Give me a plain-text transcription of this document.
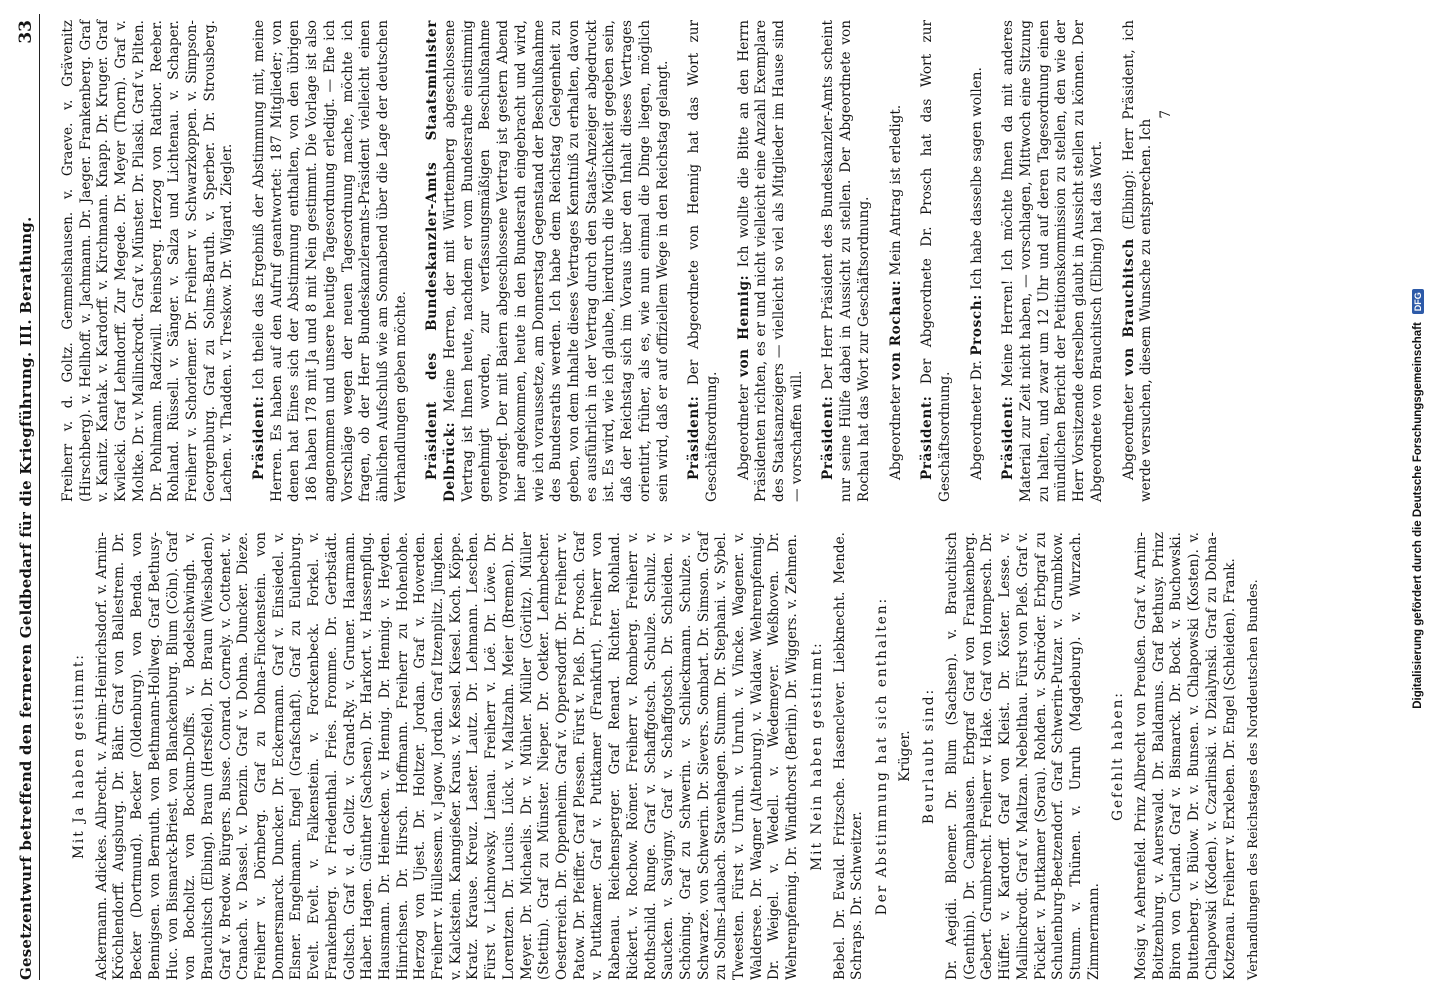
Gesetzentwurf betreffend den ferneren Geldbedarf für die Kriegführung. III. Berathung.
33

Mit Ja haben gestimmt: Ackermann. Adickes. Albrecht. v. Arnim-Heinrichsdorf. v. Arnim-Kröchlendorff. Augsburg. Dr. Bähr. Graf von Ballestrem. Dr. Becker (Dortmund). Becker (Oldenburg). von Benda. von Bennigsen. von Bernuth. von Bethmann-Hollweg. Graf Bethusy-Huc. von Bismarck-Briest. von Blanckenburg. Blum (Cöln). Graf von Bocholtz. von Bockum-Dolffs. v. Bodelschwingh. v. Brauchitsch (Elbing). Braun (Hersfeld). Dr. Braun (Wiesbaden). Graf v. Bredow. Bürgers. Busse. Conrad. Cornely. v. Cottenet. v. Cranach. v. Dassel. v. Denzin. Graf v. Dohna. Duncker. Dieze. Freiherr v. Dörnberg. Graf zu Dohna-Finckenstein. von Donnersmarck. Duncker. Dr. Eckermann. Graf v. Einsiedel. v. Elsner. Engelmann. Engel (Grafschaft). Graf zu Eulenburg. Evelt. Evelt. v. Falkenstein. v. Forckenbeck. Forkel. v. Frankenberg. v. Friedenthal. Fries. Fromme. Dr. Gerbstädt. Goltsch. Graf v. d. Goltz. v. Grand-Ry. v. Gruner. Haarmann. Haber. Hagen. Günther (Sachsen). Dr. Harkort. v. Hassenpflug. Hausmann. Dr. Heinecken. v. Hennig. Dr. Hennig. v. Heyden. Hinrichsen. Dr. Hirsch. Hoffmann. Freiherr zu Hohenlohe. Herzog von Ujest. Dr. Holtzer. Jordan. Graf v. Hoverden. Freiherr v. Hüllessem. v. Jagow. Jordan. Graf Itzenplitz. Jüngken. v. Kalckstein. Kanngießer. Kraus. v. Kessel. Kiesel. Koch. Köppe. Kratz. Krause. Kreuz. Laster. Lautz. Dr. Lehmann. Leschen. Fürst v. Lichnowsky. Lienau. Freiherr v. Loë. Dr. Löwe. Dr. Lorentzen. Dr. Lucius. Lück. v. Maltzahn. Meier (Bremen). Dr. Meyer. Dr. Michaelis. Dr. v. Mühler. Müller (Görlitz). Müller (Stettin). Graf zu Münster. Nieper. Dr. Oetker. Lehmbecher. Oesterreich. Dr. Oppenheim. Graf v. Oppersdorff. Dr. Freiherr v. Patow. Dr. Pfeiffer. Graf Plessen. Fürst v. Pleß. Dr. Prosch. Graf v. Puttkamer. Graf v. Puttkamer (Frankfurt). Freiherr von Rabenau. Reichensperger. Graf Renard. Richter. Rohland. Rickert. v. Rochow. Römer. Freiherr v. Romberg. Freiherr v. Rothschild. Runge. Graf v. Schaffgotsch. Schulze. Schulz. v. Saucken. v. Savigny. Graf v. Schaffgotsch. Dr. Schleiden. v. Schöning. Graf zu Schwerin. v. Schlieckmann. Schulze. v. Schwarze. von Schwerin. Dr. Sievers. Sombart. Dr. Simson. Graf zu Solms-Laubach. Stavenhagen. Stumm. Dr. Stephani. v. Sybel. Tweesten. Fürst v. Unruh. v. Unruh. v. Vincke. Wagener. v. Waldersee. Dr. Wagner (Altenburg). v. Waldaw. Wehrenpfennig. Dr. Weigel. v. Wedell. v. Wedemeyer. Weßhoven. Dr. Wehrenpfennig. Dr. Windthorst (Berlin). Dr. Wiggers. v. Zehmen. Mit Nein haben gestimmt: Bebel. Dr. Ewald. Fritzsche. Hasenclever. Liebknecht. Mende. Schraps. Dr. Schweitzer. Der Abstimmung hat sich enthalten: Krüger. Beurlaubt sind: Dr. Aegidi. Bloemer. Dr. Blum (Sachsen). v. Brauchitsch (Genthin). Dr. Camphausen. Erbgraf Graf von Frankenberg. Gebert. Grumbrecht. Freiherr v. Hake. Graf von Hompesch. Dr. Hüffer. v. Kardorff. Graf von Kleist. Dr. Köster. Lesse. v. Mallinckrodt. Graf v. Maltzan. Nebelthau. Fürst von Pleß. Graf v. Pückler. v. Puttkamer (Sorau). Rohden. v. Schröder. Erbgraf zu Schulenburg-Beetzendorf. Graf Schwerin-Putzar. v. Grumbkow. Stumm. v. Thünen. v. Unruh (Magdeburg). v. Wurzach. Zimmermann.

Gefehlt haben: Mosig v. Aehrenfeld. Prinz Albrecht von Preußen. Graf v. Arnim-Boitzenburg. v. Auerswald. Dr. Baldamus. Graf Bethusy. Prinz Biron von Curland. Graf v. Bismarck. Dr. Bock. v. Buchowski. Buttenberg. v. Bülow. Dr. v. Bunsen. v. Chlapowski (Kosten). v. Chlapowski (Koden). v. Czarlinski. v. Dzialynski. Graf zu Dohna-Kotzenau. Freiherr v. Erxleben. Dr. Engel (Schleiden). Frank. Verhandlungen des Reichstages des Norddeutschen Bundes.

Freiherr v. d. Goltz. Gemmelshausen. v. Graeve. v. Grävenitz (Hirschberg). v. Hellhoff. v. Jachmann. Dr. Jaeger. Frankenberg. Graf v. Kanitz. Kantak. v. Kardorff. v. Kirchmann. Knapp. Dr. Kruger. Graf Kwilecki. Graf Lehndorff. Zur Megede. Dr. Meyer (Thorn). Graf v. Moltke. Dr. v. Mallinckrodt. Graf v. Münster. Dr. Pilaski. Graf v. Pilten. Dr. Pohlmann. Radziwill. Reinsberg. Herzog von Ratibor. Reeber. Rohland. Rüssell. v. Sänger. v. Salza und Lichtenau. v. Schaper. Freiherr v. Schorlemer. Dr. Freiherr v. Schwarzkoppen. v. Simpson-Georgenburg. Graf zu Solms-Baruth. v. Sperber. Dr. Strousberg. Lachen. v. Thadden. v. Treskow. Dr. Wigard. Ziegler. Präsident: Ich theile das Ergebniß der Abstimmung mit, meine Herren. Es haben auf den Aufruf geantwortet: 187 Mitglieder; von denen hat Eines sich der Abstimmung enthalten, von den übrigen 186 haben 178 mit Ja und 8 mit Nein gestimmt. Die Vorlage ist also angenommen und unsere heutige Tagesordnung erledigt. — Ehe ich Vorschläge wegen der neuen Tagesordnung mache, möchte ich fragen, ob der Herr Bundeskanzleramts-Präsident vielleicht einen ähnlichen Aufschluß wie am Sonnabend über die Lage der deutschen Verhandlungen geben möchte. Präsident des Bundeskanzler-Amts Staatsminister Delbrück: Meine Herren, der mit Württemberg abgeschlossene Vertrag ist Ihnen heute, nachdem er vom Bundesrathe einstimmig genehmigt worden, zur verfassungsmäßigen Beschlußnahme vorgelegt. Der mit Baiern abgeschlossene Vertrag ist gestern Abend hier angekommen, heute in den Bundesrath eingebracht und wird, wie ich voraussetze, am Donnerstag Gegenstand der Beschlußnahme des Bundesraths werden. Ich habe dem Reichstag Gelegenheit zu geben, von dem Inhalte dieses Vertrages Kenntniß zu erhalten, davon es ausführlich in der Vertrag durch den Staats-Anzeiger abgedruckt ist. Es wird, wie ich glaube, hierdurch die Möglichkeit gegeben sein, daß der Reichstag sich im Voraus über den Inhalt dieses Vertrages orientirt, früher, als es, wie nun einmal die Dinge liegen, möglich sein wird, daß er auf offiziellem Wege in den Reichstag gelangt. Präsident: Der Abgeordnete von Hennig hat das Wort zur Geschäftsordnung. Abgeordneter von Hennig: Ich wollte die Bitte an den Herrn Präsidenten richten, es er und nicht vielleicht eine Anzahl Exemplare des Staatsanzeigers — vielleicht so viel als Mitglieder im Hause sind — vorschaffen will. Präsident: Der Herr Präsident des Bundeskanzler-Amts scheint nur seine Hülfe dabei in Aussicht zu stellen. Der Abgeordnete von Rochau hat das Wort zur Geschäftsordnung. Abgeordneter von Rochau: Mein Antrag ist erledigt.

Präsident: Der Abgeordnete Dr. Prosch hat das Wort zur Geschäftsordnung. Abgeordneter Dr. Prosch: Ich habe dasselbe sagen wollen.

Präsident: Meine Herren! Ich möchte Ihnen da mit anderes Material zur Zeit nicht haben, — vorschlagen, Mittwoch eine Sitzung zu halten, und zwar um 12 Uhr und auf deren Tagesordnung einen mündlichen Bericht der Petitionskommission zu stellen, den wie der Herr Vorsitzende derselben glaubt in Aussicht stellen zu können. Der Abgeordnete von Brauchitsch (Elbing) hat das Wort. Abgeordneter von Brauchitsch (Elbing): Herr Präsident, ich werde versuchen, diesem Wunsche zu entsprechen. Ich

7

Digitalisierung gefördert durch die Deutsche Forschungsgemeinschaft
DFG
